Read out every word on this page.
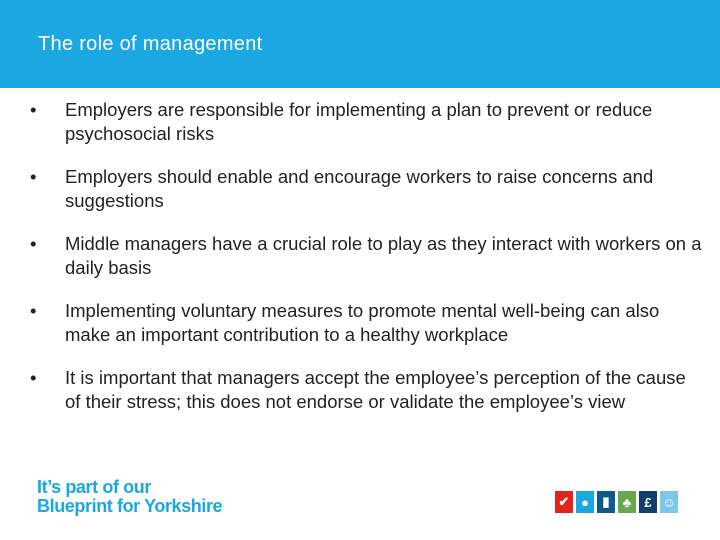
The role of management
• Employers are responsible for implementing a plan to prevent or reduce psychosocial risks
• Employers should enable and encourage workers to raise concerns and suggestions
• Middle managers have a crucial role to play as they interact with workers on a daily basis
• Implementing voluntary measures to promote mental well-being can also make an important contribution to a healthy workplace
• It is important that managers accept the employee’s perception of the cause of their stress; this does not endorse or validate the employee’s view
It’s part of our
Blueprint for Yorkshire	✔ ●	▮	♣	£ ☺
